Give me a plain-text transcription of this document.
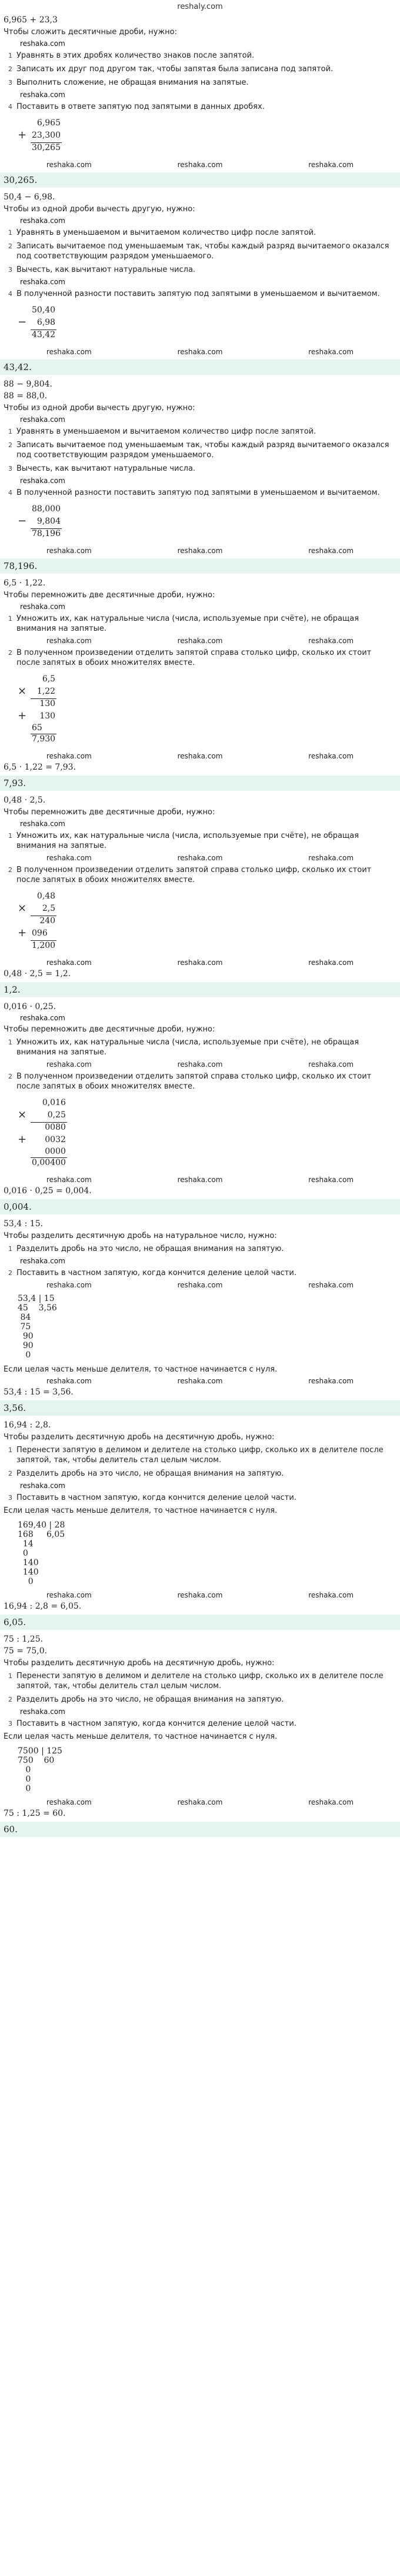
reshaly.com
6,965 + 23,3
Чтобы сложить десятичные дроби, нужно:
reshaka.com
1 Уравнять в этих дробях количество знаков после запятой.
2 Записать их друг под другом так, чтобы запятая была записана под запятой.
3 Выполнить сложение, не обращая внимания на запятые.
reshaka.com
4 Поставить в ответе запятую под запятыми в данных дробях.
	6,965
+	23,300
	30,265
reshaka.com	reshaka.com	reshaka.com
30,265.
50,4 − 6,98.
Чтобы из одной дроби вычесть другую, нужно:
reshaka.com
1 Уравнять в уменьшаемом и вычитаемом количество цифр после запятой.
2 Записать вычитаемое под уменьшаемым так, чтобы каждый разряд вычитаемого оказался под соответствующим разрядом уменьшаемого.
3 Вычесть, как вычитают натуральные числа.
reshaka.com
4 В полученной разности поставить запятую под запятыми в уменьшаемом и вычитаемом.
	50,40
−	6,98
	43,42
reshaka.com	reshaka.com	reshaka.com
43,42.
88 − 9,804.
88 = 88,0.
Чтобы из одной дроби вычесть другую, нужно:
reshaka.com
1 Уравнять в уменьшаемом и вычитаемом количество цифр после запятой.
2 Записать вычитаемое под уменьшаемым так, чтобы каждый разряд вычитаемого оказался под соответствующим разрядом уменьшаемого.
3 Вычесть, как вычитают натуральные числа.
reshaka.com
4 В полученной разности поставить запятую под запятыми в уменьшаемом и вычитаемом.
	88,000
−	9,804
	78,196
reshaka.com	reshaka.com	reshaka.com
78,196.
6,5 · 1,22.
Чтобы перемножить две десятичные дроби, нужно:
reshaka.com
1 Умножить их, как натуральные числа (числа, используемые при счёте), не обращая внимания на запятые.
reshaka.com	reshaka.com	reshaka.com
2 В полученном произведении отделить запятой справа столько цифр, сколько их стоит после запятых в обоих множителях вместе.
	6,5
×	1,22
	130
+	130
	65
	7,930
reshaka.com	reshaka.com	reshaka.com
6,5 · 1,22 = 7,93.
7,93.
0,48 · 2,5.
Чтобы перемножить две десятичные дроби, нужно:
reshaka.com
1 Умножить их, как натуральные числа (числа, используемые при счёте), не обращая внимания на запятые.
reshaka.com	reshaka.com	reshaka.com
2 В полученном произведении отделить запятой справа столько цифр, сколько их стоит после запятых в обоих множителях вместе.
	0,48
×	2,5
	240
+	096
	1,200
reshaka.com	reshaka.com	reshaka.com
0,48 · 2,5 = 1,2.
1,2.
0,016 · 0,25.
reshaka.com
Чтобы перемножить две десятичные дроби, нужно:
1 Умножить их, как натуральные числа (числа, используемые при счёте), не обращая внимания на запятые.
reshaka.com	reshaka.com	reshaka.com
2 В полученном произведении отделить запятой справа столько цифр, сколько их стоит после запятых в обоих множителях вместе.
	0,016
×	0,25
	0080
+	0032
	0000
	0,00400
reshaka.com	reshaka.com	reshaka.com
0,016 · 0,25 = 0,004.
0,004.
53,4 : 15.
Чтобы разделить десятичную дробь на натуральное число, нужно:
1 Разделить дробь на это число, не обращая внимания на запятую.
reshaka.com
2 Поставить в частном запятую, когда кончится деление целой части.
reshaka.com	reshaka.com	reshaka.com
53,4 | 15
45    3,56
84
75
90
90
0
Если целая часть меньше делителя, то частное начинается с нуля.
reshaka.com	reshaka.com	reshaka.com
53,4 : 15 = 3,56.
3,56.
16,94 : 2,8.
Чтобы разделить десятичную дробь на десятичную дробь, нужно:
1 Перенести запятую в делимом и делителе на столько цифр, сколько их в делителе после запятой, так, чтобы делитель стал целым числом.
2 Разделить дробь на это число, не обращая внимания на запятую.
reshaka.com
3 Поставить в частном запятую, когда кончится деление целой части.
Если целая часть меньше делителя, то частное начинается с нуля.
169,40 | 28
168     6,05
14
0
140
140
0
reshaka.com	reshaka.com	reshaka.com
16,94 : 2,8 = 6,05.
6,05.
75 : 1,25.
75 = 75,0.
Чтобы разделить десятичную дробь на десятичную дробь, нужно:
1 Перенести запятую в делимом и делителе на столько цифр, сколько их в делителе после запятой, так, чтобы делитель стал целым числом.
2 Разделить дробь на это число, не обращая внимания на запятую.
reshaka.com
3 Поставить в частном запятую, когда кончится деление целой части.
Если целая часть меньше делителя, то частное начинается с нуля.
7500 | 125
750    60
0
0
0
reshaka.com	reshaka.com	reshaka.com
75 : 1,25 = 60.
60.
